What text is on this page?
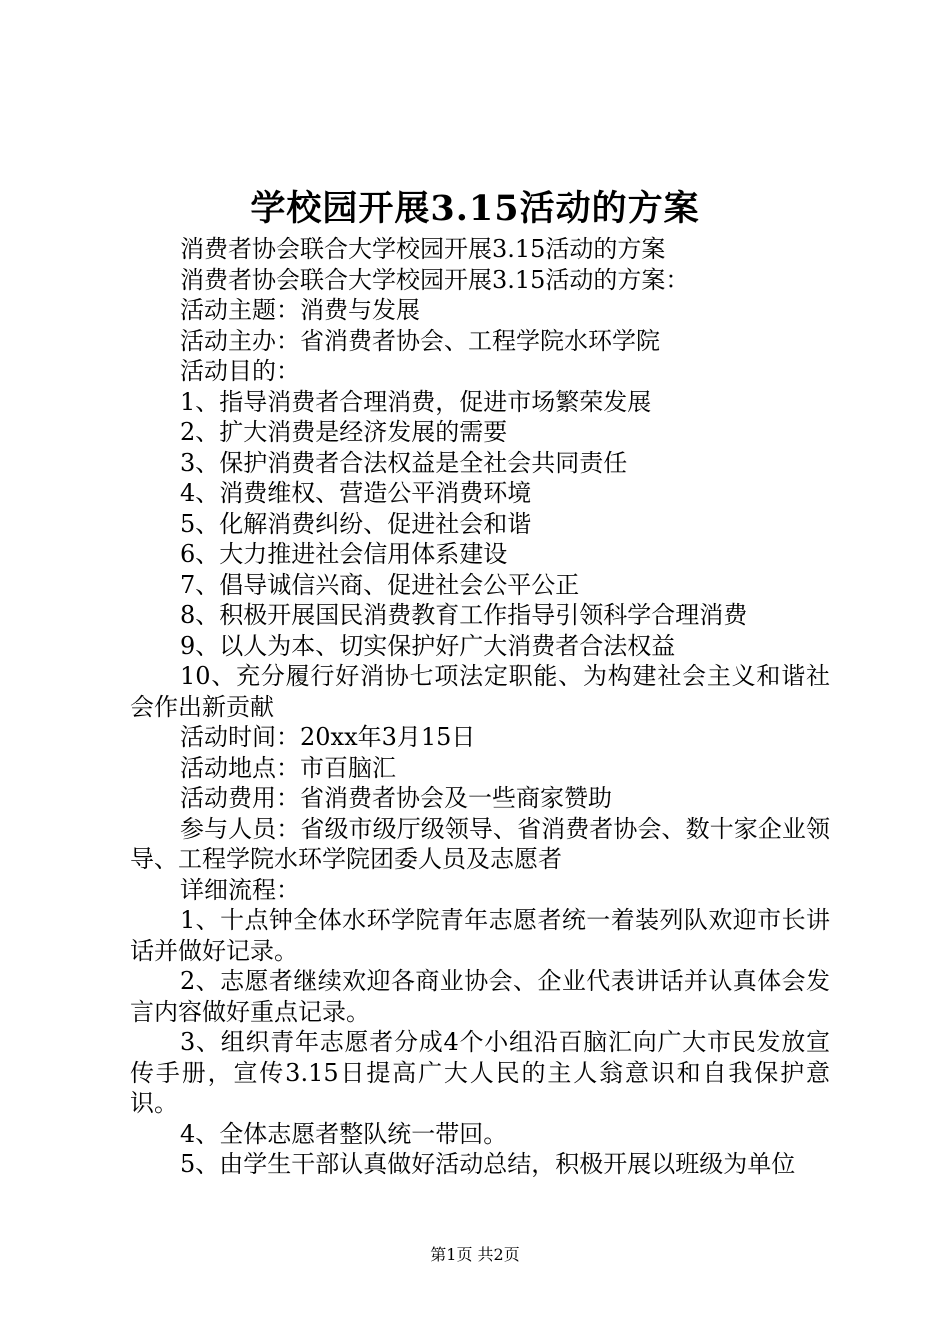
学校园开展3.15活动的方案

消费者协会联合大学校园开展3.15活动的方案

消费者协会联合大学校园开展3.15活动的方案：

活动主题：消费与发展

活动主办：省消费者协会、工程学院水环学院

活动目的：

1、指导消费者合理消费，促进市场繁荣发展

2、扩大消费是经济发展的需要

3、保护消费者合法权益是全社会共同责任

4、消费维权、营造公平消费环境

5、化解消费纠纷、促进社会和谐

6、大力推进社会信用体系建设

7、倡导诚信兴商、促进社会公平公正

8、积极开展国民消费教育工作指导引领科学合理消费

9、以人为本、切实保护好广大消费者合法权益

10、充分履行好消协七项法定职能、为构建社会主义和谐社会作出新贡献

活动时间：20xx年3月15日

活动地点：市百脑汇

活动费用：省消费者协会及一些商家赞助

参与人员：省级市级厅级领导、省消费者协会、数十家企业领导、工程学院水环学院团委人员及志愿者

详细流程：

1、十点钟全体水环学院青年志愿者统一着装列队欢迎市长讲话并做好记录。

2、志愿者继续欢迎各商业协会、企业代表讲话并认真体会发言内容做好重点记录。

3、组织青年志愿者分成4个小组沿百脑汇向广大市民发放宣传手册，宣传3.15日提高广大人民的主人翁意识和自我保护意识。

4、全体志愿者整队统一带回。

5、由学生干部认真做好活动总结，积极开展以班级为单位

第1页 共2页
